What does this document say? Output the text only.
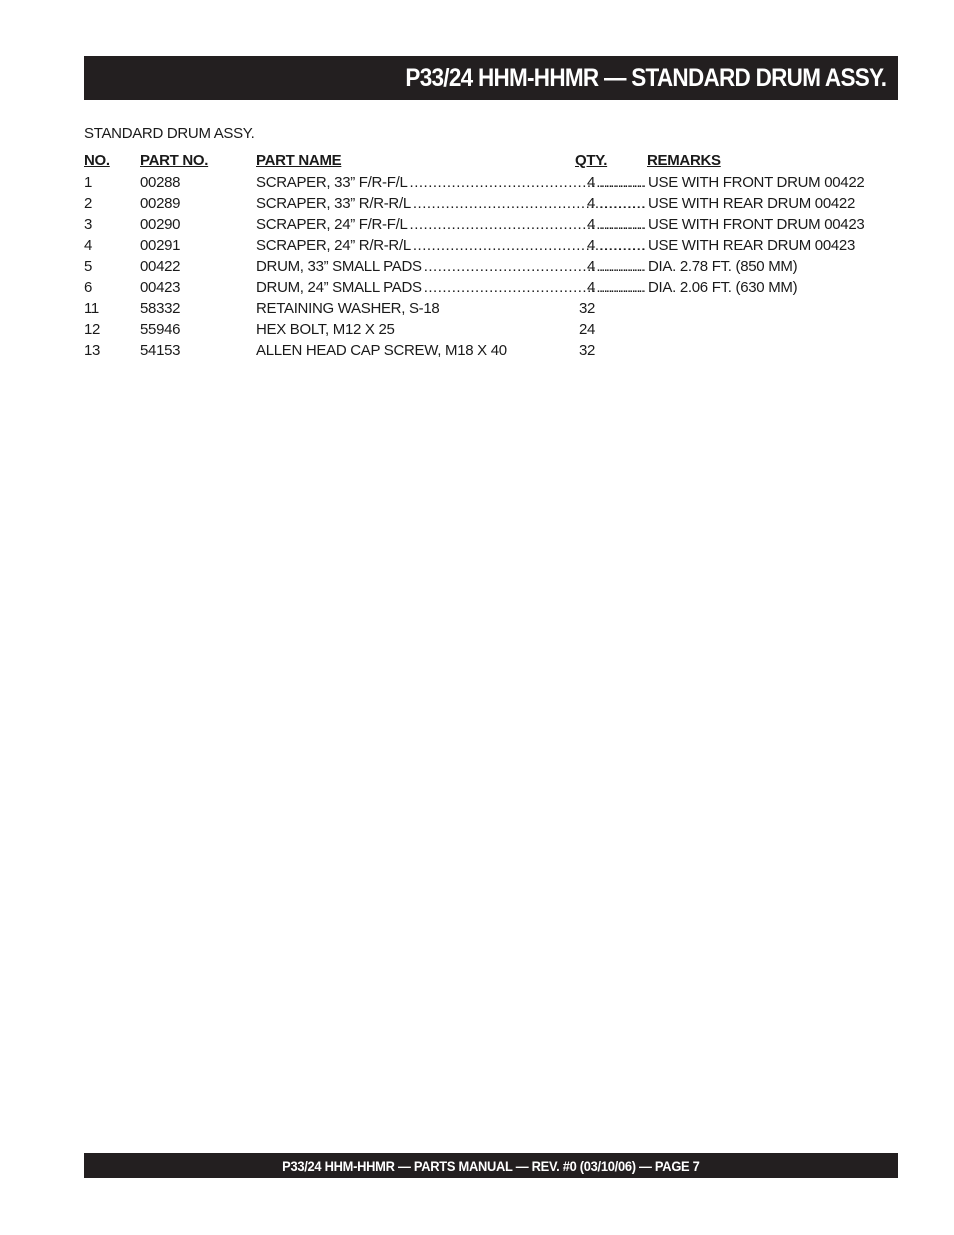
P33/24 HHM-HHMR — STANDARD DRUM ASSY.
STANDARD DRUM ASSY.
NO. PART NO.	PART NAME	QTY.	REMARKS
1	00288	SCRAPER, 33” F/R-F/L .....	4 .....	USE WITH FRONT DRUM 00422
2	00289	SCRAPER, 33” R/R-R/L .....	4 .....	USE WITH REAR DRUM 00422
3	00290	SCRAPER, 24” F/R-F/L .....	4 .....	USE WITH FRONT DRUM 00423
4	00291	SCRAPER, 24” R/R-R/L .....	4 .....	USE WITH REAR DRUM 00423
5	00422	DRUM, 33” SMALL PADS .....	4 .....	DIA. 2.78 FT. (850 MM)
6	00423	DRUM, 24” SMALL PADS .....	4 .....	DIA. 2.06 FT. (630 MM)
11	58332	RETAINING WASHER, S-18	32
12	55946	HEX BOLT, M12 X 25	24
13	54153	ALLEN HEAD CAP SCREW, M18 X 40	32
P33/24 HHM-HHMR — PARTS MANUAL — REV. #0 (03/10/06) — PAGE 7
